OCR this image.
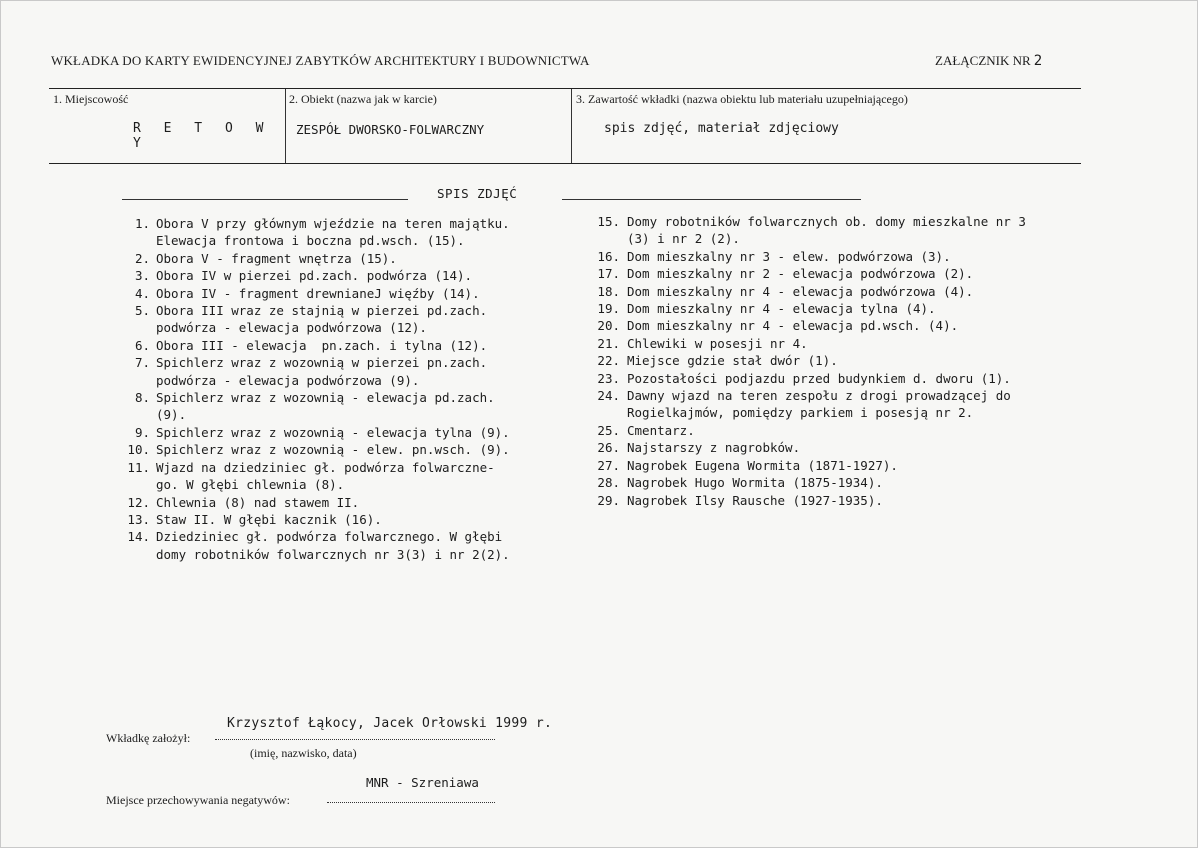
WKŁADKA DO KARTY EWIDENCYJNEJ ZABYTKÓW ARCHITEKTURY I BUDOWNICTWA	ZAŁĄCZNIK NR 2
1. Miejscowość
R E T O W Y
2. Obiekt (nazwa jak w karcie)
ZESPÓŁ DWORSKO-FOLWARCZNY
3. Zawartość wkładki (nazwa obiektu lub materiału uzupełniającego)
spis zdjęć, materiał zdjęciowy
SPIS ZDJĘĆ
1. Obora V przy głównym wjeździe na teren majątku.
Elewacja frontowa i boczna pd.wsch. (15).
2. Obora V - fragment wnętrza (15).
3. Obora IV w pierzei pd.zach. podwórza (14).
4. Obora IV - fragment drewnianeJ więźby (14).
5. Obora III wraz ze stajnią w pierzei pd.zach.
podwórza - elewacja podwórzowa (12).
6. Obora III - elewacja  pn.zach. i tylna (12).
7. Spichlerz wraz z wozownią w pierzei pn.zach.
podwórza - elewacja podwórzowa (9).
8. Spichlerz wraz z wozownią - elewacja pd.zach.
(9).
9. Spichlerz wraz z wozownią - elewacja tylna (9).
10. Spichlerz wraz z wozownią - elew. pn.wsch. (9).
11. Wjazd na dziedziniec gł. podwórza folwarczne-
go. W głębi chlewnia (8).
12. Chlewnia (8) nad stawem II.
13. Staw II. W głębi kacznik (16).
14. Dziedziniec gł. podwórza folwarcznego. W głębi
domy robotników folwarcznych nr 3(3) i nr 2(2).
15. Domy robotników folwarcznych ob. domy mieszkalne nr 3
(3) i nr 2 (2).
16. Dom mieszkalny nr 3 - elew. podwórzowa (3).
17. Dom mieszkalny nr 2 - elewacja podwórzowa (2).
18. Dom mieszkalny nr 4 - elewacja podwórzowa (4).
19. Dom mieszkalny nr 4 - elewacja tylna (4).
20. Dom mieszkalny nr 4 - elewacja pd.wsch. (4).
21. Chlewiki w posesji nr 4.
22. Miejsce gdzie stał dwór (1).
23. Pozostałości podjazdu przed budynkiem d. dworu (1).
24. Dawny wjazd na teren zespołu z drogi prowadzącej do
Rogielkajmów, pomiędzy parkiem i posesją nr 2.
25. Cmentarz.
26. Najstarszy z nagrobków.
27. Nagrobek Eugena Wormita (1871-1927).
28. Nagrobek Hugo Wormita (1875-1934).
29. Nagrobek Ilsy Rausche (1927-1935).
Krzysztof Łąkocy, Jacek Orłowski 1999 r.
Wkładkę założył:
(imię, nazwisko, data)
MNR - Szreniawa
Miejsce przechowywania negatywów:
